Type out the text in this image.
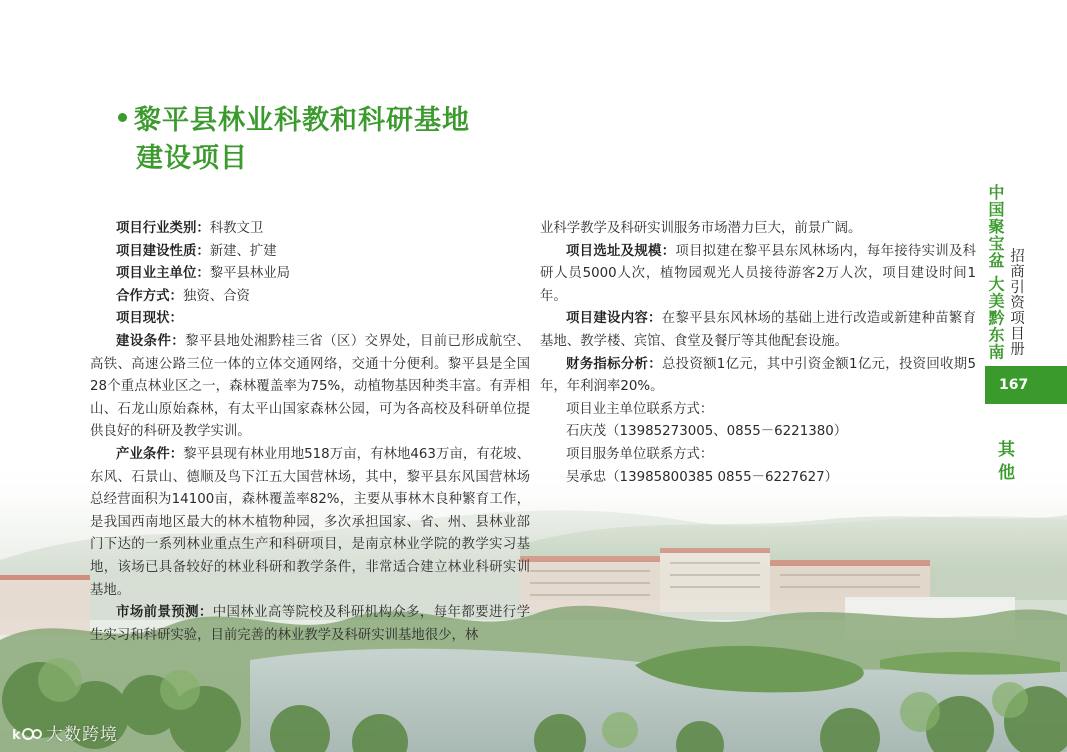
黎平县林业科教和科研基地
建设项目

项目行业类别：科教文卫

项目建设性质：新建、扩建

项目业主单位：黎平县林业局

合作方式：独资、合资

项目现状：

建设条件：黎平县地处湘黔桂三省（区）交界处，目前已形成航空、高铁、高速公路三位一体的立体交通网络，交通十分便利。黎平县是全国28个重点林业区之一，森林覆盖率为75%，动植物基因种类丰富。有弄相山、石龙山原始森林，有太平山国家森林公园，可为各高校及科研单位提供良好的科研及教学实训。

产业条件：黎平县现有林业用地518万亩，有林地463万亩，有花坡、东风、石景山、德顺及鸟下江五大国营林场，其中，黎平县东风国营林场总经营面积为14100亩，森林覆盖率82%，主要从事林木良种繁育工作，是我国西南地区最大的林木植物种园，多次承担国家、省、州、县林业部门下达的一系列林业重点生产和科研项目，是南京林业学院的教学实习基地，该场已具备较好的林业科研和教学条件，非常适合建立林业科研实训基地。

市场前景预测：中国林业高等院校及科研机构众多，每年都要进行学生实习和科研实验，目前完善的林业教学及科研实训基地很少，林

业科学教学及科研实训服务市场潜力巨大，前景广阔。

项目选址及规模：项目拟建在黎平县东风林场内，每年接待实训及科研人员5000人次，植物园观光人员接待游客2万人次，项目建设时间1年。

项目建设内容：在黎平县东风林场的基础上进行改造或新建种苗繁育基地、教学楼、宾馆、食堂及餐厅等其他配套设施。

财务指标分析：总投资额1亿元，其中引资金额1亿元，投资回收期5年，年利润率20%。

项目业主单位联系方式：

石庆茂（13985273005、0855－6221380）

项目服务单位联系方式：

吴承忠（13985800385 0855－6227627）

中国聚宝盆 大美黔东南 招商引资项目册
167
其他
k 大数跨境
